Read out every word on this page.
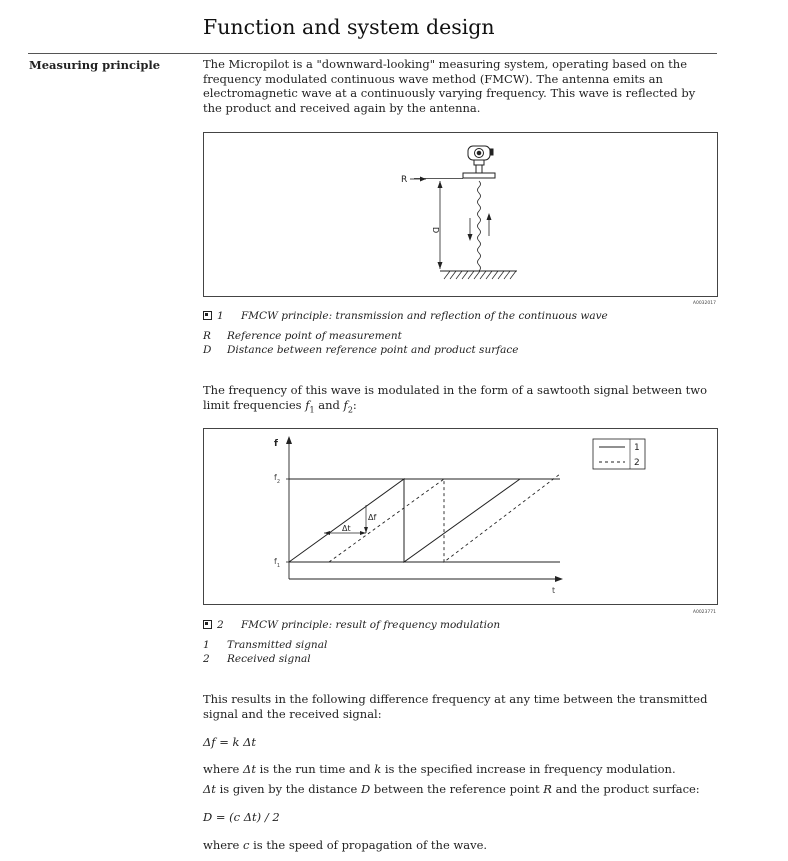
Function and system design
Measuring principle	The Micropilot is a "downward-looking" measuring system, operating based on the frequency modulated continuous wave method (FMCW). The antenna emits an electromagnetic wave at a continuously varying frequency. This wave is reflected by the product and received again by the antenna.
R
D
A0032017
1 FMCW principle: transmission and reflection of the continuous wave
R Reference point of measurement
D Distance between reference point and product surface
The frequency of this wave is modulated in the form of a sawtooth signal between two limit frequencies $f_1$ and $f_2$:
f
t
$f_2$
$f_1$
Δt
Δf
1
2
A0023771
2 FMCW principle: result of frequency modulation
1 Transmitted signal
2 Received signal
This results in the following difference frequency at any time between the transmitted signal and the received signal:
Δf = k Δt
where Δt is the run time and k is the specified increase in frequency modulation.
Δt is given by the distance D between the reference point R and the product surface:
D = (c Δt) / 2
where c is the speed of propagation of the wave.
